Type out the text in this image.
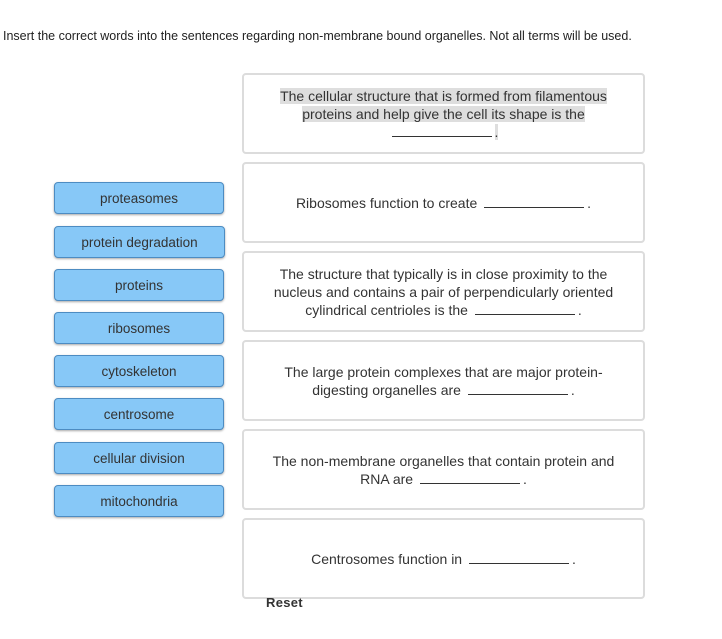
Insert the correct words into the sentences regarding non-membrane bound organelles. Not all terms will be used.
proteasomes
protein degradation
proteins
ribosomes
cytoskeleton
centrosome
cellular division
mitochondria
The cellular structure that is formed from filamentous proteins and help give the cell its shape is the .
Ribosomes function to create	.
The structure that typically is in close proximity to the nucleus and contains a pair of perpendicularly oriented cylindrical centrioles is the	.
The large protein complexes that are major protein-digesting organelles are	.
The non-membrane organelles that contain protein and RNA are	.
Centrosomes function in	.
Reset
